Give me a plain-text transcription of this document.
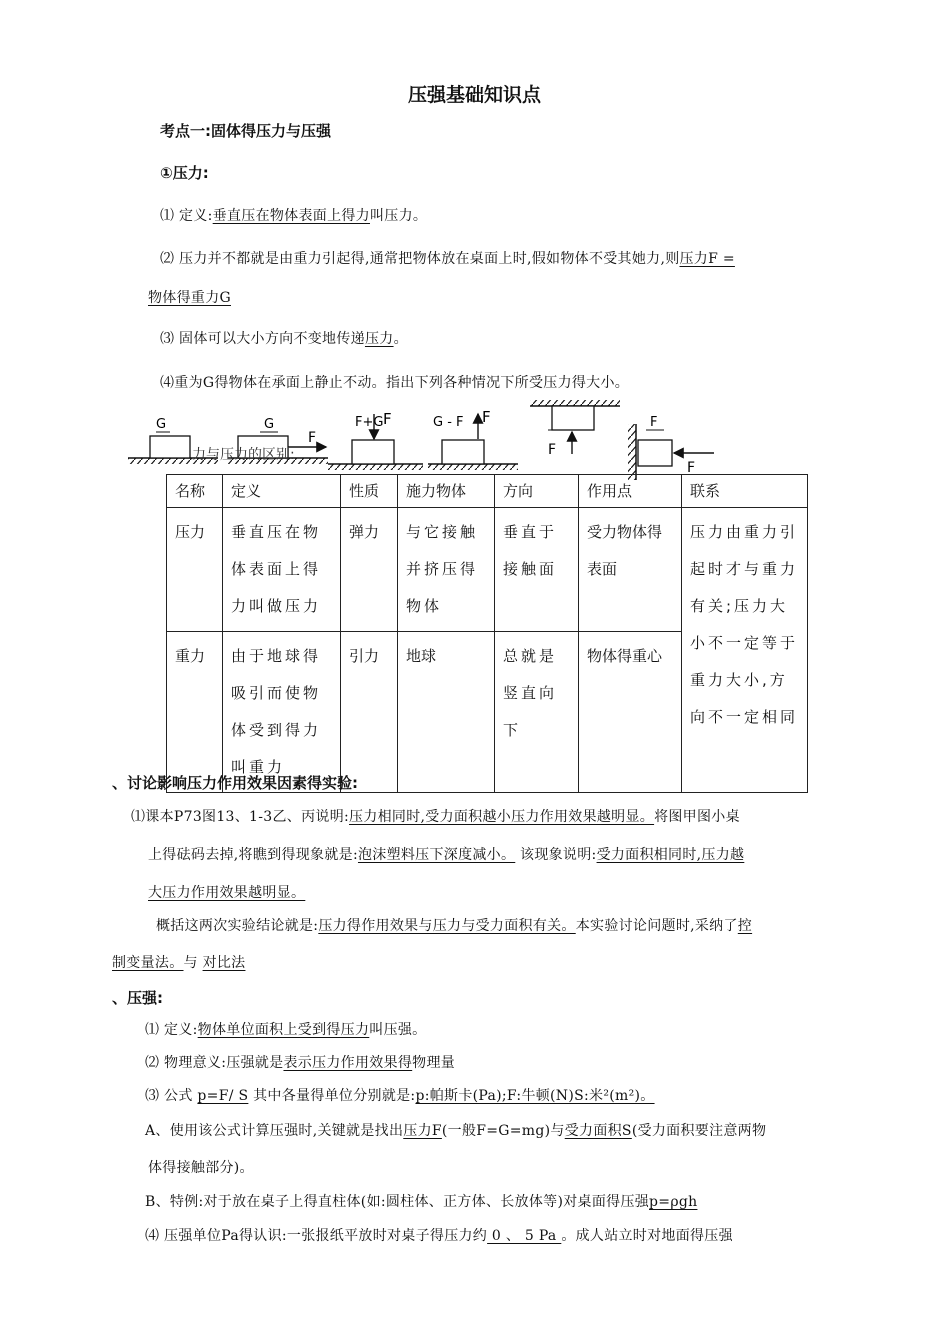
压强基础知识点
考点一:固体得压力与压强
①压力:
⑴ 定义:垂直压在物体表面上得力叫压力。
⑵ 压力并不都就是由重力引起得,通常把物体放在桌面上时,假如物体不受其她力,则压力F =
物体得重力G
⑶ 固体可以大小方向不变地传递压力。
⑷重为G得物体在承面上静止不动。指出下列各种情况下所受压力得大小。
G	G
F
F+G F	G - F F
F
F
F
力与压力的区别:
名称	定义	性质	施力物体	方向	作用点	联系
压力	垂直压在物体表面上得力叫做压力	弹力	与它接触并挤压得物体	垂直于接触面	受力物体得表面	压力由重力引起时才与重力有关;压力大小不一定等于重力大小,方向不一定相同
重力	由于地球得吸引而使物体受到得力叫重力	引力	地球	总就是竖直向下	物体得重心	
、讨论影响压力作用效果因素得实验:
⑴课本P73图13、1-3乙、丙说明:压力相同时,受力面积越小压力作用效果越明显。将图甲图小桌
上得砝码去掉,将瞧到得现象就是:泡沫塑料压下深度减小。 该现象说明:受力面积相同时,压力越
大压力作用效果越明显。
概括这两次实验结论就是:压力得作用效果与压力与受力面积有关。本实验讨论问题时,采纳了控
制变量法。与 对比法
、压强:
⑴ 定义:物体单位面积上受到得压力叫压强。
⑵ 物理意义:压强就是表示压力作用效果得物理量
⑶ 公式 p=F/ S 其中各量得单位分别就是:p:帕斯卡(Pa);F:牛顿(N)S:米²(m²)。
A、使用该公式计算压强时,关键就是找出压力F(一般F=G=mg)与受力面积S(受力面积要注意两物
体得接触部分)。
B、特例:对于放在桌子上得直柱体(如:圆柱体、正方体、长放体等)对桌面得压强p=ρgh
⑷ 压强单位Pa得认识:一张报纸平放时对桌子得压力约 0 、 5 Pa 。成人站立时对地面得压强
